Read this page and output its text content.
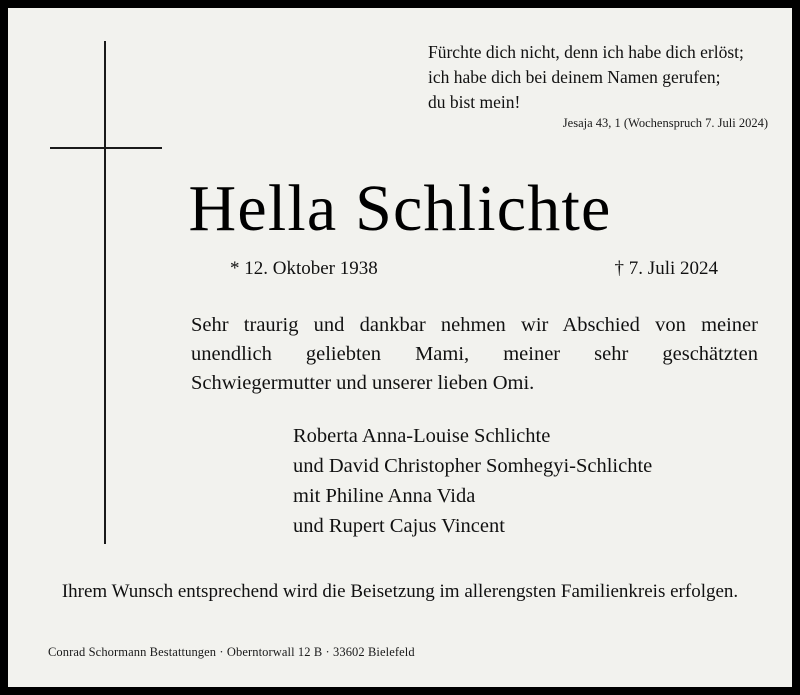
Fürchte dich nicht, denn ich habe dich erlöst;
ich habe dich bei deinem Namen gerufen;
du bist mein!
Jesaja 43, 1 (Wochenspruch 7. Juli 2024)
Hella Schlichte
* 12. Oktober 1938	† 7. Juli 2024
Sehr traurig und dankbar nehmen wir Abschied von meiner unendlich geliebten Mami, meiner sehr geschätzten Schwiegermutter und unserer lieben Omi.
Roberta Anna-Louise Schlichte
und David Christopher Somhegyi-Schlichte
mit Philine Anna Vida
und Rupert Cajus Vincent
Ihrem Wunsch entsprechend wird die Beisetzung im allerengsten Familienkreis erfolgen.
Conrad Schormann Bestattungen · Oberntorwall 12 B · 33602 Bielefeld
